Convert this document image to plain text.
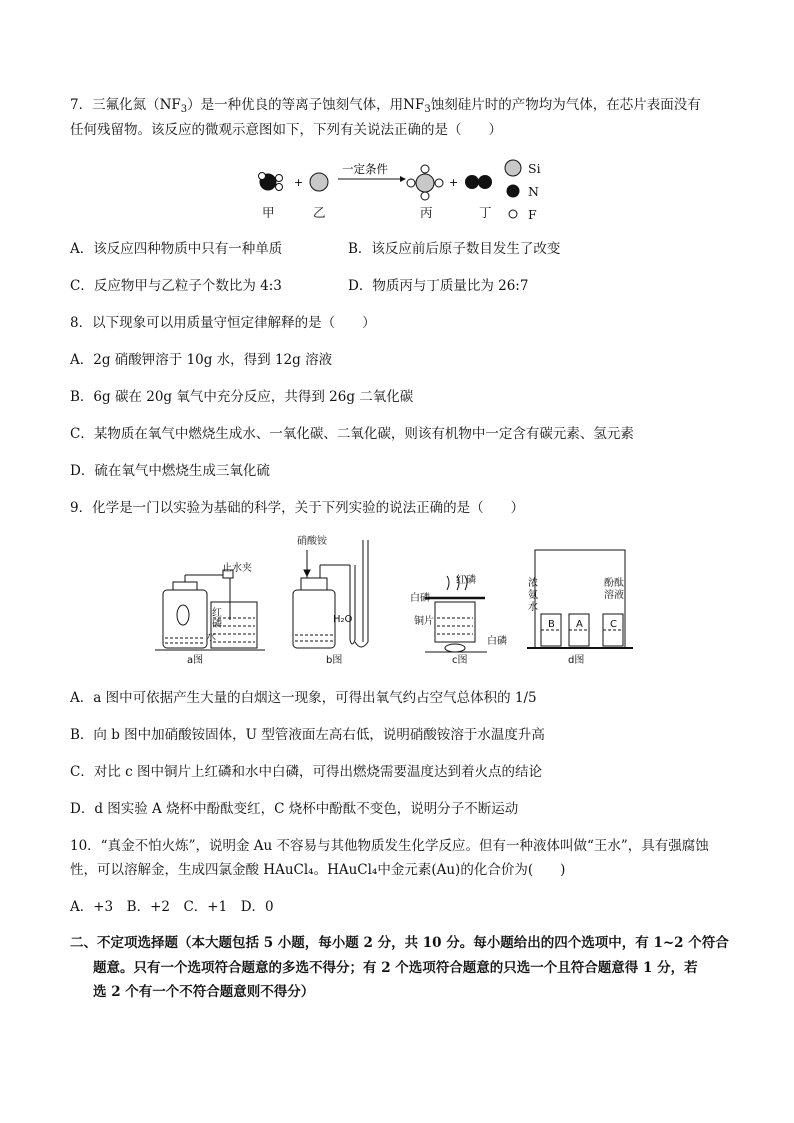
7．三氟化氮$(NF_3)$是一种优良的等离子蚀刻气体，用$NF_3$蚀刻硅片时的产物均为气体，在芯片表面没有
任何残留物。该反应的微观示意图如下，下列有关说法正确的是（　　）
+
一定条件
+
Si
N
F
甲	乙	丙	丁
A．该反应四种物质中只有一种单质	B．该反应前后原子数目发生了改变
C．反应物甲与乙粒子个数比为 4:3	D．物质丙与丁质量比为 26:7
8．以下现象可以用质量守恒定律解释的是（　　）
A．2g 硝酸钾溶于 10g 水，得到 12g 溶液
B．6g 碳在 20g 氧气中充分反应，共得到 26g 二氧化碳
C．某物质在氧气中燃烧生成水、一氧化碳、二氧化碳，则该有机物中一定含有碳元素、氢元素
D．硫在氧气中燃烧生成三氧化硫
9．化学是一门以实验为基础的科学，关于下列实验的说法正确的是（　　）
止水夹
红
磷
水
a图
硝酸铵
H₂O
b图
红磷
白磷
铜片
白磷
c图
浓
氨
水
酚酞
溶液
B A	C
d图
A．a 图中可依据产生大量的白烟这一现象，可得出氧气约占空气总体积的 1/5
B．向 b 图中加硝酸铵固体，U 型管液面左高右低，说明硝酸铵溶于水温度升高
C．对比 c 图中铜片上红磷和水中白磷，可得出燃烧需要温度达到着火点的结论
D．d 图实验 A 烧杯中酚酞变红，C 烧杯中酚酞不变色，说明分子不断运动
10．“真金不怕火炼”，说明金 Au 不容易与其他物质发生化学反应。但有一种液体叫做“王水”，具有强腐蚀
性，可以溶解金，生成四氯金酸 HAuCl₄。HAuCl₄中金元素(Au)的化合价为(　　)
A．+3　B．+2　C．+1　D．0
二、不定项选择题（本大题包括 5 小题，每小题 2 分，共 10 分。每小题给出的四个选项中，有 1~2 个符合
题意。只有一个选项符合题意的多选不得分；有 2 个选项符合题意的只选一个且符合题意得 1 分，若
选 2 个有一个不符合题意则不得分）
